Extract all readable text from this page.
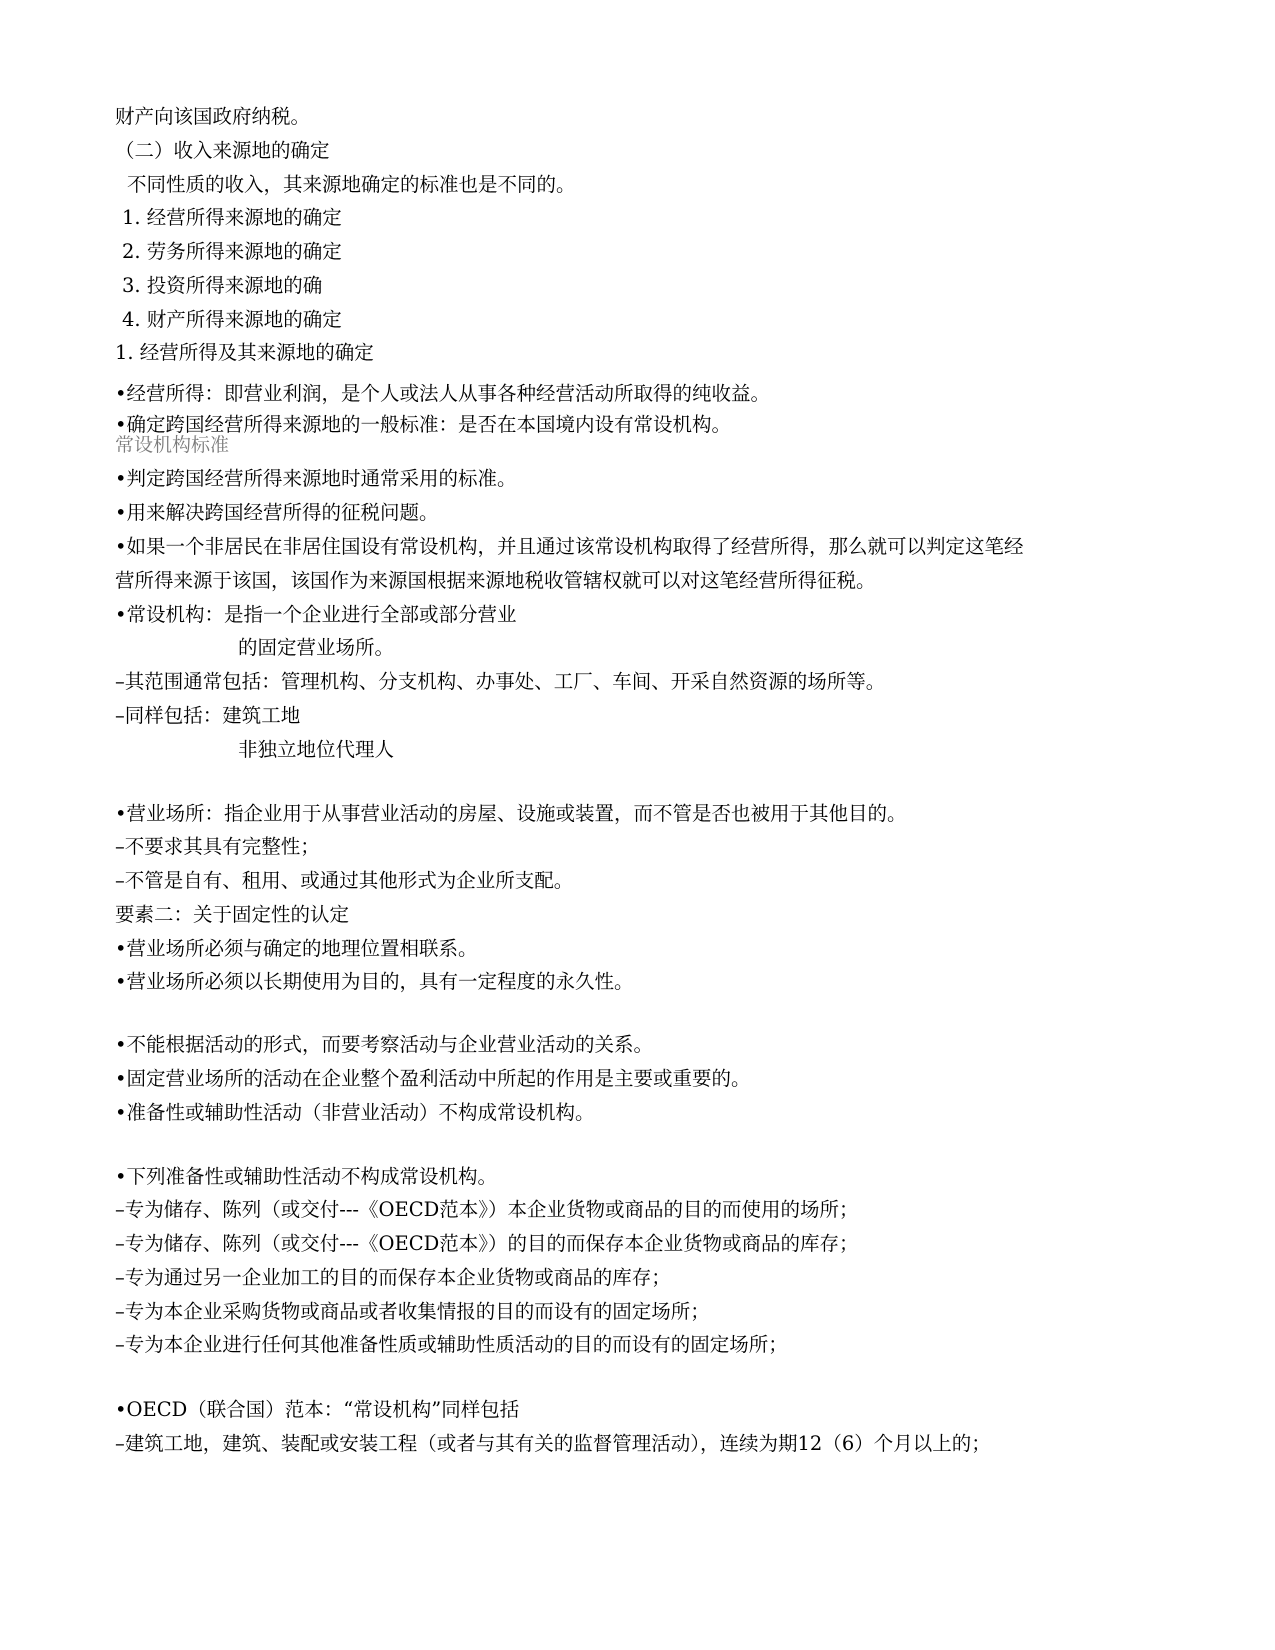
财产向该国政府纳税。
（二）收入来源地的确定
不同性质的收入，其来源地确定的标准也是不同的。
1. 经营所得来源地的确定
2. 劳务所得来源地的确定
3. 投资所得来源地的确
4. 财产所得来源地的确定
1. 经营所得及其来源地的确定
•经营所得：即营业利润，是个人或法人从事各种经营活动所取得的纯收益。
•确定跨国经营所得来源地的一般标准：是否在本国境内设有常设机构。
常设机构标准
•判定跨国经营所得来源地时通常采用的标准。
•用来解决跨国经营所得的征税问题。
•如果一个非居民在非居住国设有常设机构，并且通过该常设机构取得了经营所得，那么就可以判定这笔经
营所得来源于该国，该国作为来源国根据来源地税收管辖权就可以对这笔经营所得征税。
•常设机构：是指一个企业进行全部或部分营业
的固定营业场所。
–其范围通常包括：管理机构、分支机构、办事处、工厂、车间、开采自然资源的场所等。
–同样包括：建筑工地
非独立地位代理人
•营业场所：指企业用于从事营业活动的房屋、设施或装置，而不管是否也被用于其他目的。
–不要求其具有完整性；
–不管是自有、租用、或通过其他形式为企业所支配。
要素二：关于固定性的认定
•营业场所必须与确定的地理位置相联系。
•营业场所必须以长期使用为目的，具有一定程度的永久性。
•不能根据活动的形式，而要考察活动与企业营业活动的关系。
•固定营业场所的活动在企业整个盈利活动中所起的作用是主要或重要的。
•准备性或辅助性活动（非营业活动）不构成常设机构。
•下列准备性或辅助性活动不构成常设机构。
–专为储存、陈列（或交付---《OECD范本》）本企业货物或商品的目的而使用的场所；
–专为储存、陈列（或交付---《OECD范本》）的目的而保存本企业货物或商品的库存；
–专为通过另一企业加工的目的而保存本企业货物或商品的库存；
–专为本企业采购货物或商品或者收集情报的目的而设有的固定场所；
–专为本企业进行任何其他准备性质或辅助性质活动的目的而设有的固定场所；
•OECD（联合国）范本：“常设机构”同样包括
–建筑工地，建筑、装配或安装工程（或者与其有关的监督管理活动），连续为期12（6）个月以上的；
